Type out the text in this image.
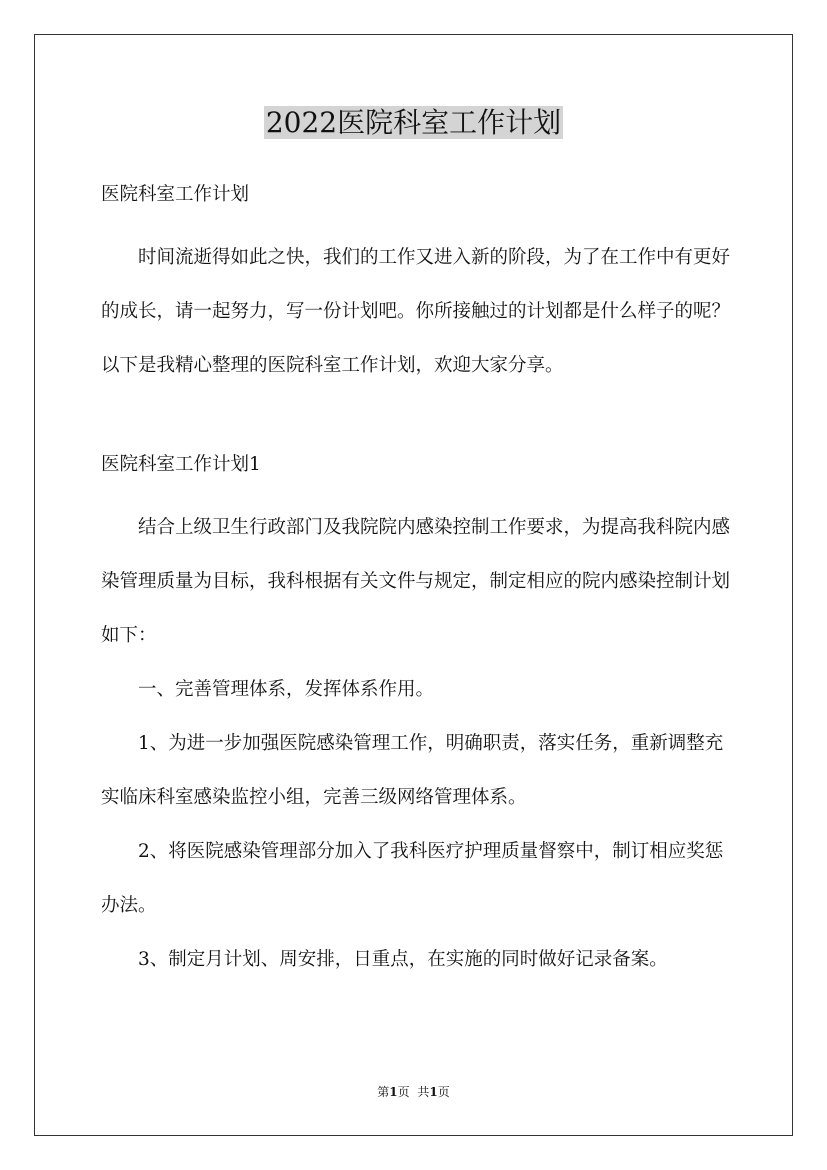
2022医院科室工作计划

医院科室工作计划

时间流逝得如此之快，我们的工作又进入新的阶段，为了在工作中有更好的成长，请一起努力，写一份计划吧。你所接触过的计划都是什么样子的呢？以下是我精心整理的医院科室工作计划，欢迎大家分享。

医院科室工作计划1

结合上级卫生行政部门及我院院内感染控制工作要求，为提高我科院内感染管理质量为目标，我科根据有关文件与规定，制定相应的院内感染控制计划如下：

一、完善管理体系，发挥体系作用。

1、为进一步加强医院感染管理工作，明确职责，落实任务，重新调整充实临床科室感染监控小组，完善三级网络管理体系。

2、将医院感染管理部分加入了我科医疗护理质量督察中，制订相应奖惩办法。

3、制定月计划、周安排，日重点，在实施的同时做好记录备案。

第1页 共1页
